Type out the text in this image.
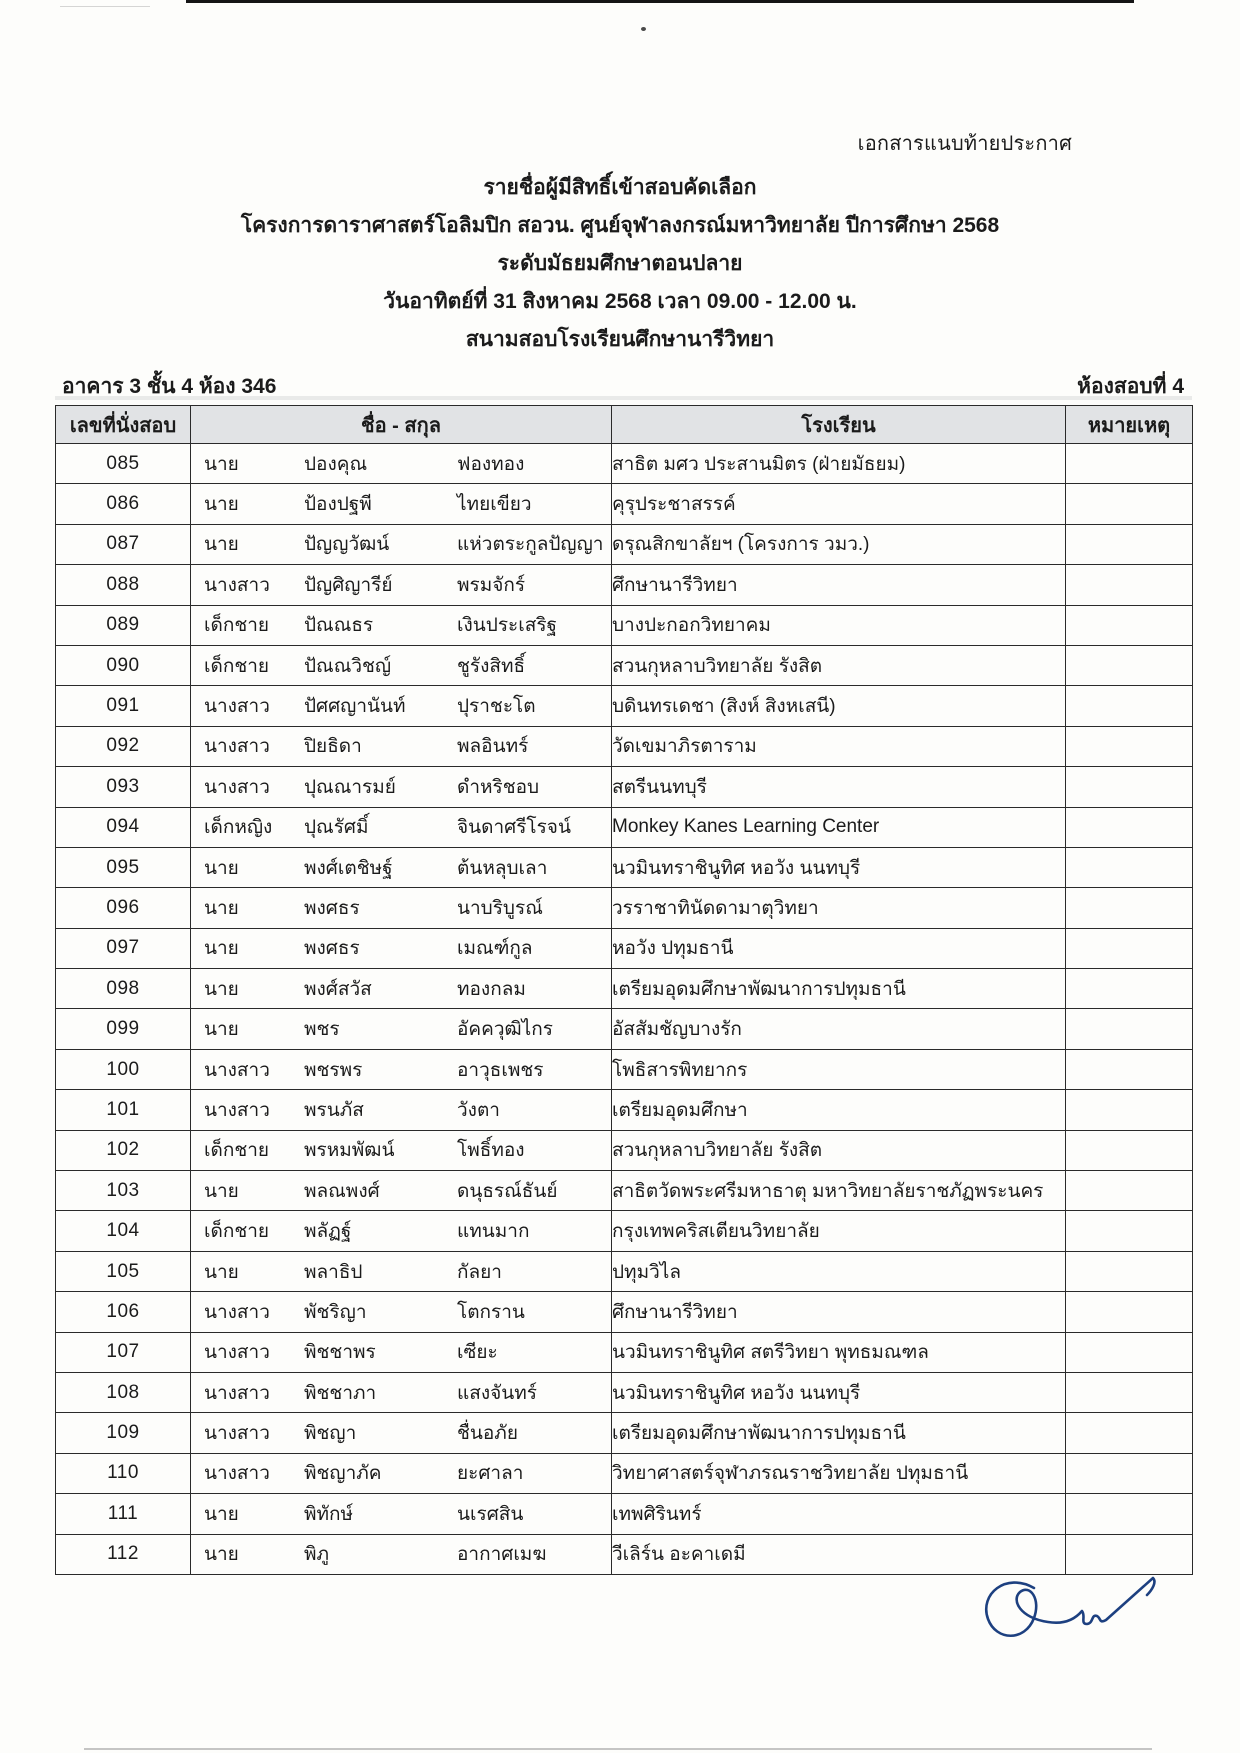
เอกสารแนบท้ายประกาศ
รายชื่อผู้มีสิทธิ์เข้าสอบคัดเลือก
โครงการดาราศาสตร์โอลิมปิก สอวน. ศูนย์จุฬาลงกรณ์มหาวิทยาลัย ปีการศึกษา 2568
ระดับมัธยมศึกษาตอนปลาย
วันอาทิตย์ที่ 31 สิงหาคม 2568 เวลา 09.00 - 12.00 น.
สนามสอบโรงเรียนศึกษานารีวิทยา
อาคาร 3 ชั้น 4 ห้อง 346	ห้องสอบที่ 4
เลขที่นั่งสอบ	ชื่อ - สกุล	โรงเรียน	หมายเหตุ
085	นาย ปองคุณ ฟองทอง	สาธิต มศว ประสานมิตร (ฝ่ายมัธยม)	
086	นาย ป้องปฐพี ไทยเขียว	คุรุประชาสรรค์	
087	นาย ปัญญวัฒน์ แห่วตระกูลปัญญา	ดรุณสิกขาลัยฯ (โครงการ วมว.)	
088	นางสาว ปัญศิญารีย์ พรมจักร์	ศึกษานารีวิทยา	
089	เด็กชาย ปัณณธร เงินประเสริฐ	บางปะกอกวิทยาคม	
090	เด็กชาย ปัณณวิชญ์ ชูรังสิทธิ์	สวนกุหลาบวิทยาลัย รังสิต	
091	นางสาว ปัศศญานันท์ ปุราชะโต	บดินทรเดชา (สิงห์ สิงหเสนี)	
092	นางสาว ปิยธิดา พลอินทร์	วัดเขมาภิรตาราม	
093	นางสาว ปุณณารมย์ ดำหริชอบ	สตรีนนทบุรี	
094	เด็กหญิง ปุณรัศมิ์ จินดาศรีโรจน์	Monkey Kanes Learning Center	
095	นาย พงศ์เตชิษฐ์ ต้นหลุบเลา	นวมินทราชินูทิศ หอวัง นนทบุรี	
096	นาย พงศธร นาบริบูรณ์	วรราชาทินัดดามาตุวิทยา	
097	นาย พงศธร เมณฑ์กูล	หอวัง ปทุมธานี	
098	นาย พงศ์สวัส ทองกลม	เตรียมอุดมศึกษาพัฒนาการปทุมธานี	
099	นาย พชร อัคควุฒิไกร	อัสสัมชัญบางรัก	
100	นางสาว พชรพร อาวุธเพชร	โพธิสารพิทยากร	
101	นางสาว พรนภัส วังตา	เตรียมอุดมศึกษา	
102	เด็กชาย พรหมพัฒน์ โพธิ์ทอง	สวนกุหลาบวิทยาลัย รังสิต	
103	นาย พลณพงศ์ ดนุธรณ์ธันย์	สาธิตวัดพระศรีมหาธาตุ มหาวิทยาลัยราชภัฏพระนคร	
104	เด็กชาย พลัฏฐ์ แทนมาก	กรุงเทพคริสเตียนวิทยาลัย	
105	นาย พลาธิป กัลยา	ปทุมวิไล	
106	นางสาว พัชริญา โตกราน	ศึกษานารีวิทยา	
107	นางสาว พิชชาพร เซียะ	นวมินทราชินูทิศ สตรีวิทยา พุทธมณฑล	
108	นางสาว พิชชาภา แสงจันทร์	นวมินทราชินูทิศ หอวัง นนทบุรี	
109	นางสาว พิชญา ชื่นอภัย	เตรียมอุดมศึกษาพัฒนาการปทุมธานี	
110	นางสาว พิชญาภัค ยะศาลา	วิทยาศาสตร์จุฬาภรณราชวิทยาลัย ปทุมธานี	
111	นาย พิทักษ์ นเรศสิน	เทพศิรินทร์	
112	นาย พิภู อากาศเมฆ	วีเลิร์น อะคาเดมี	
